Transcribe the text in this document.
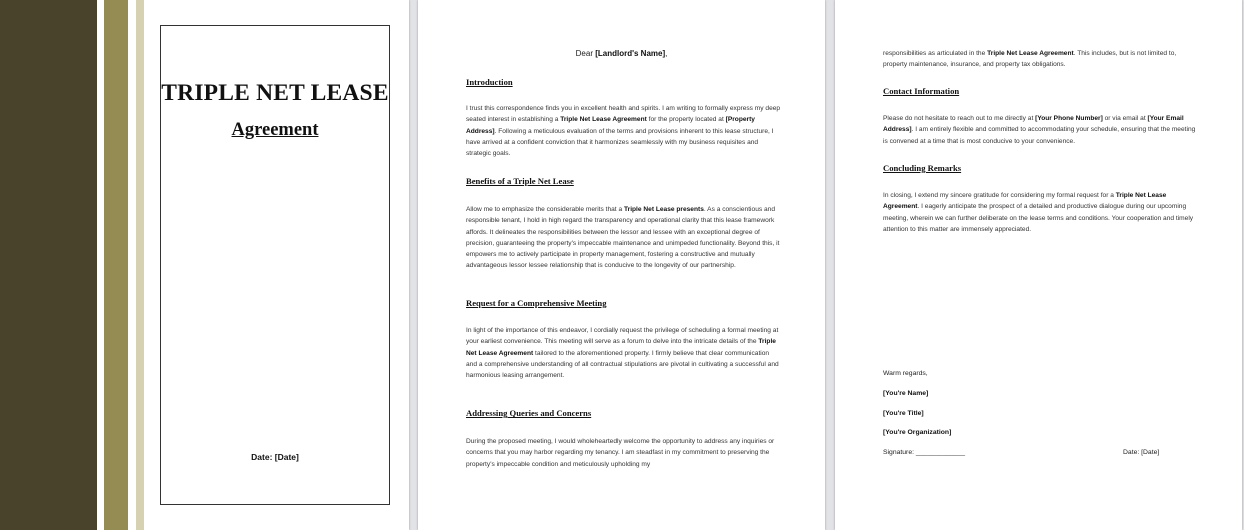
TRIPLE NET LEASE
Agreement
Date: [Date]
Dear [Landlord's Name],

Introduction

I trust this correspondence finds you in excellent health and spirits. I am writing to formally express my deep seated interest in establishing a Triple Net Lease Agreement for the property located at [Property Address]. Following a meticulous evaluation of the terms and provisions inherent to this lease structure, I have arrived at a confident conviction that it harmonizes seamlessly with my business requisites and strategic goals.

Benefits of a Triple Net Lease

Allow me to emphasize the considerable merits that a Triple Net Lease presents. As a conscientious and responsible tenant, I hold in high regard the transparency and operational clarity that this lease framework affords. It delineates the responsibilities between the lessor and lessee with an exceptional degree of precision, guaranteeing the property's impeccable maintenance and unimpeded functionality. Beyond this, it empowers me to actively participate in property management, fostering a constructive and mutually advantageous lessor lessee relationship that is conducive to the longevity of our partnership.

Request for a Comprehensive Meeting

In light of the importance of this endeavor, I cordially request the privilege of scheduling a formal meeting at your earliest convenience. This meeting will serve as a forum to delve into the intricate details of the Triple Net Lease Agreement tailored to the aforementioned property. I firmly believe that clear communication and a comprehensive understanding of all contractual stipulations are pivotal in cultivating a successful and harmonious leasing arrangement.

Addressing Queries and Concerns

During the proposed meeting, I would wholeheartedly welcome the opportunity to address any inquiries or concerns that you may harbor regarding my tenancy. I am steadfast in my commitment to preserving the property's impeccable condition and meticulously upholding my

responsibilities as articulated in the Triple Net Lease Agreement. This includes, but is not limited to, property maintenance, insurance, and property tax obligations.

Contact Information

Please do not hesitate to reach out to me directly at [Your Phone Number] or via email at [Your Email Address]. I am entirely flexible and committed to accommodating your schedule, ensuring that the meeting is convened at a time that is most conducive to your convenience.

Concluding Remarks

In closing, I extend my sincere gratitude for considering my formal request for a Triple Net Lease Agreement. I eagerly anticipate the prospect of a detailed and productive dialogue during our upcoming meeting, wherein we can further deliberate on the lease terms and conditions. Your cooperation and timely attention to this matter are immensely appreciated.

Warm regards,
[You're Name]
[You're Title]
[You're Organization]
Signature: _____________	Date: [Date]
